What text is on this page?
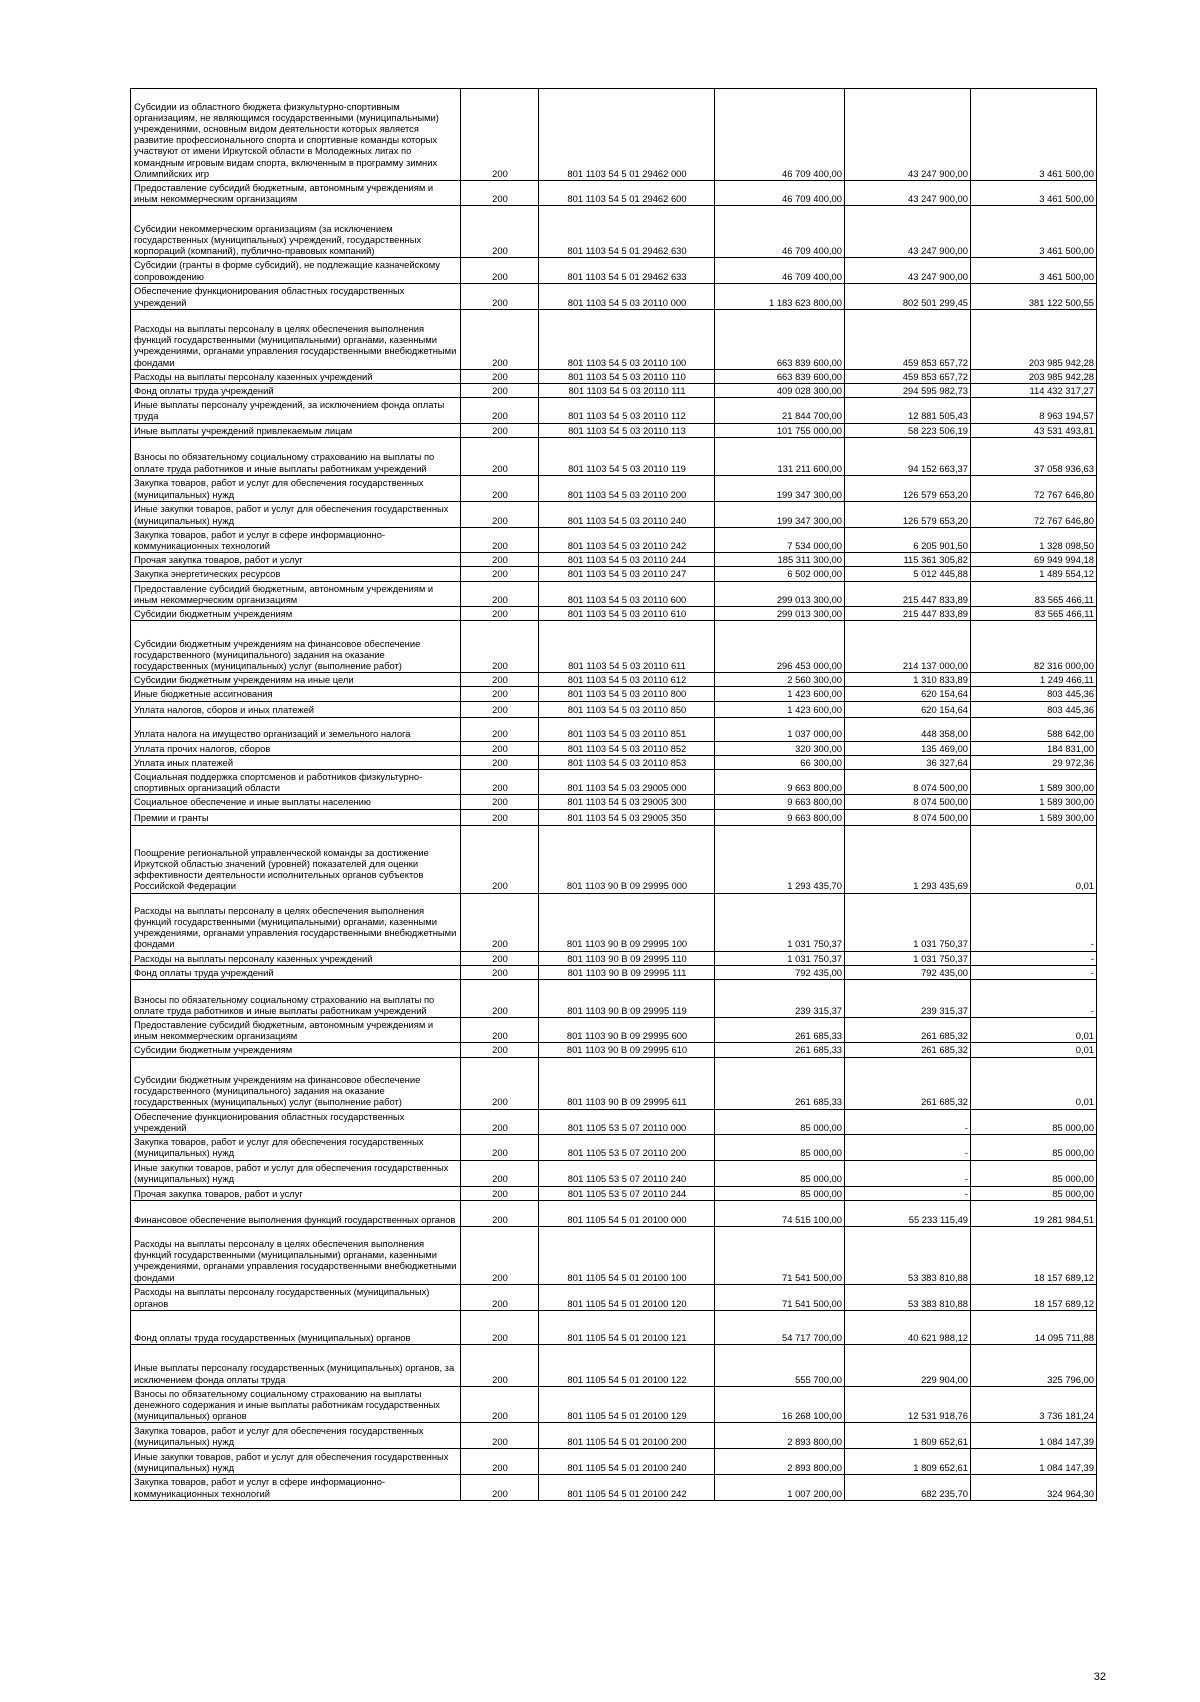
Субсидии из областного бюджета физкультурно-спортивным организациям, не являющимся государственными (муниципальными) учреждениями, основным видом деятельности которых является развитие профессионального спорта и спортивные команды которых участвуют от имени Иркутской области в Молодежных лигах по командным игровым видам спорта, включенным в программу зимних Олимпийских игр	200	801 1103 54 5 01 29462 000	46 709 400,00	43 247 900,00	3 461 500,00
Предоставление субсидий бюджетным, автономным учреждениям и иным некоммерческим организациям	200	801 1103 54 5 01 29462 600	46 709 400,00	43 247 900,00	3 461 500,00
Субсидии некоммерческим организациям (за исключением государственных (муниципальных) учреждений, государственных корпораций (компаний), публично-правовых компаний)	200	801 1103 54 5 01 29462 630	46 709 400,00	43 247 900,00	3 461 500,00
Субсидии (гранты в форме субсидий), не подлежащие казначейскому сопровождению	200	801 1103 54 5 01 29462 633	46 709 400,00	43 247 900,00	3 461 500,00
Обеспечение функционирования областных государственных учреждений	200	801 1103 54 5 03 20110 000	1 183 623 800,00	802 501 299,45	381 122 500,55
Расходы на выплаты персоналу в целях обеспечения выполнения функций государственными (муниципальными) органами, казенными учреждениями, органами управления государственными внебюджетными фондами	200	801 1103 54 5 03 20110 100	663 839 600,00	459 853 657,72	203 985 942,28
Расходы на выплаты персоналу казенных учреждений	200	801 1103 54 5 03 20110 110	663 839 600,00	459 853 657,72	203 985 942,28
Фонд оплаты труда учреждений	200	801 1103 54 5 03 20110 111	409 028 300,00	294 595 982,73	114 432 317,27
Иные выплаты персоналу учреждений, за исключением фонда оплаты труда	200	801 1103 54 5 03 20110 112	21 844 700,00	12 881 505,43	8 963 194,57
Иные выплаты учреждений привлекаемым лицам	200	801 1103 54 5 03 20110 113	101 755 000,00	58 223 506,19	43 531 493,81
Взносы по обязательному социальному страхованию на выплаты по оплате труда работников и иные выплаты работникам учреждений	200	801 1103 54 5 03 20110 119	131 211 600,00	94 152 663,37	37 058 936,63
Закупка товаров, работ и услуг для обеспечения государственных (муниципальных) нужд	200	801 1103 54 5 03 20110 200	199 347 300,00	126 579 653,20	72 767 646,80
Иные закупки товаров, работ и услуг для обеспечения государственных (муниципальных) нужд	200	801 1103 54 5 03 20110 240	199 347 300,00	126 579 653,20	72 767 646,80
Закупка товаров, работ и услуг в сфере информационно-коммуникационных технологий	200	801 1103 54 5 03 20110 242	7 534 000,00	6 205 901,50	1 328 098,50
Прочая закупка товаров, работ и услуг	200	801 1103 54 5 03 20110 244	185 311 300,00	115 361 305,82	69 949 994,18
Закупка энергетических ресурсов	200	801 1103 54 5 03 20110 247	6 502 000,00	5 012 445,88	1 489 554,12
Предоставление субсидий бюджетным, автономным учреждениям и иным некоммерческим организациям	200	801 1103 54 5 03 20110 600	299 013 300,00	215 447 833,89	83 565 466,11
Субсидии бюджетным учреждениям	200	801 1103 54 5 03 20110 610	299 013 300,00	215 447 833,89	83 565 466,11
Субсидии бюджетным учреждениям на финансовое обеспечение государственного (муниципального) задания на оказание государственных (муниципальных) услуг (выполнение работ)	200	801 1103 54 5 03 20110 611	296 453 000,00	214 137 000,00	82 316 000,00
Субсидии бюджетным учреждениям на иные цели	200	801 1103 54 5 03 20110 612	2 560 300,00	1 310 833,89	1 249 466,11
Иные бюджетные ассигнования	200	801 1103 54 5 03 20110 800	1 423 600,00	620 154,64	803 445,36
Уплата налогов, сборов и иных платежей	200	801 1103 54 5 03 20110 850	1 423 600,00	620 154,64	803 445,36
Уплата налога на имущество организаций и земельного налога	200	801 1103 54 5 03 20110 851	1 037 000,00	448 358,00	588 642,00
Уплата прочих налогов, сборов	200	801 1103 54 5 03 20110 852	320 300,00	135 469,00	184 831,00
Уплата иных платежей	200	801 1103 54 5 03 20110 853	66 300,00	36 327,64	29 972,36
Социальная поддержка спортсменов и работников физкультурно-спортивных организаций области	200	801 1103 54 5 03 29005 000	9 663 800,00	8 074 500,00	1 589 300,00
Социальное обеспечение и иные выплаты населению	200	801 1103 54 5 03 29005 300	9 663 800,00	8 074 500,00	1 589 300,00
Премии и гранты	200	801 1103 54 5 03 29005 350	9 663 800,00	8 074 500,00	1 589 300,00
Поощрение региональной управленческой команды за достижение Иркутской областью значений (уровней) показателей для оценки эффективности деятельности исполнительных органов субъектов Российской Федерации	200	801 1103 90 В 09 29995 000	1 293 435,70	1 293 435,69	0,01
Расходы на выплаты персоналу в целях обеспечения выполнения функций государственными (муниципальными) органами, казенными учреждениями, органами управления государственными внебюджетными фондами	200	801 1103 90 В 09 29995 100	1 031 750,37	1 031 750,37	-
Расходы на выплаты персоналу казенных учреждений	200	801 1103 90 В 09 29995 110	1 031 750,37	1 031 750,37	-
Фонд оплаты труда учреждений	200	801 1103 90 В 09 29995 111	792 435,00	792 435,00	-
Взносы по обязательному социальному страхованию на выплаты по оплате труда работников и иные выплаты работникам учреждений	200	801 1103 90 В 09 29995 119	239 315,37	239 315,37	-
Предоставление субсидий бюджетным, автономным учреждениям и иным некоммерческим организациям	200	801 1103 90 В 09 29995 600	261 685,33	261 685,32	0,01
Субсидии бюджетным учреждениям	200	801 1103 90 В 09 29995 610	261 685,33	261 685,32	0,01
Субсидии бюджетным учреждениям на финансовое обеспечение государственного (муниципального) задания на оказание государственных (муниципальных) услуг (выполнение работ)	200	801 1103 90 В 09 29995 611	261 685,33	261 685,32	0,01
Обеспечение функционирования областных государственных учреждений	200	801 1105 53 5 07 20110 000	85 000,00	-	85 000,00
Закупка товаров, работ и услуг для обеспечения государственных (муниципальных) нужд	200	801 1105 53 5 07 20110 200	85 000,00	-	85 000,00
Иные закупки товаров, работ и услуг для обеспечения государственных (муниципальных) нужд	200	801 1105 53 5 07 20110 240	85 000,00	-	85 000,00
Прочая закупка товаров, работ и услуг	200	801 1105 53 5 07 20110 244	85 000,00	-	85 000,00
Финансовое обеспечение выполнения функций государственных органов	200	801 1105 54 5 01 20100 000	74 515 100,00	55 233 115,49	19 281 984,51
Расходы на выплаты персоналу в целях обеспечения выполнения функций государственными (муниципальными) органами, казенными учреждениями, органами управления государственными внебюджетными фондами	200	801 1105 54 5 01 20100 100	71 541 500,00	53 383 810,88	18 157 689,12
Расходы на выплаты персоналу государственных (муниципальных) органов	200	801 1105 54 5 01 20100 120	71 541 500,00	53 383 810,88	18 157 689,12
Фонд оплаты труда государственных (муниципальных) органов	200	801 1105 54 5 01 20100 121	54 717 700,00	40 621 988,12	14 095 711,88
Иные выплаты персоналу государственных (муниципальных) органов, за исключением фонда оплаты труда	200	801 1105 54 5 01 20100 122	555 700,00	229 904,00	325 796,00
Взносы по обязательному социальному страхованию на выплаты денежного содержания и иные выплаты работникам государственных (муниципальных) органов	200	801 1105 54 5 01 20100 129	16 268 100,00	12 531 918,76	3 736 181,24
Закупка товаров, работ и услуг для обеспечения государственных (муниципальных) нужд	200	801 1105 54 5 01 20100 200	2 893 800,00	1 809 652,61	1 084 147,39
Иные закупки товаров, работ и услуг для обеспечения государственных (муниципальных) нужд	200	801 1105 54 5 01 20100 240	2 893 800,00	1 809 652,61	1 084 147,39
Закупка товаров, работ и услуг в сфере информационно-коммуникационных технологий	200	801 1105 54 5 01 20100 242	1 007 200,00	682 235,70	324 964,30
32
